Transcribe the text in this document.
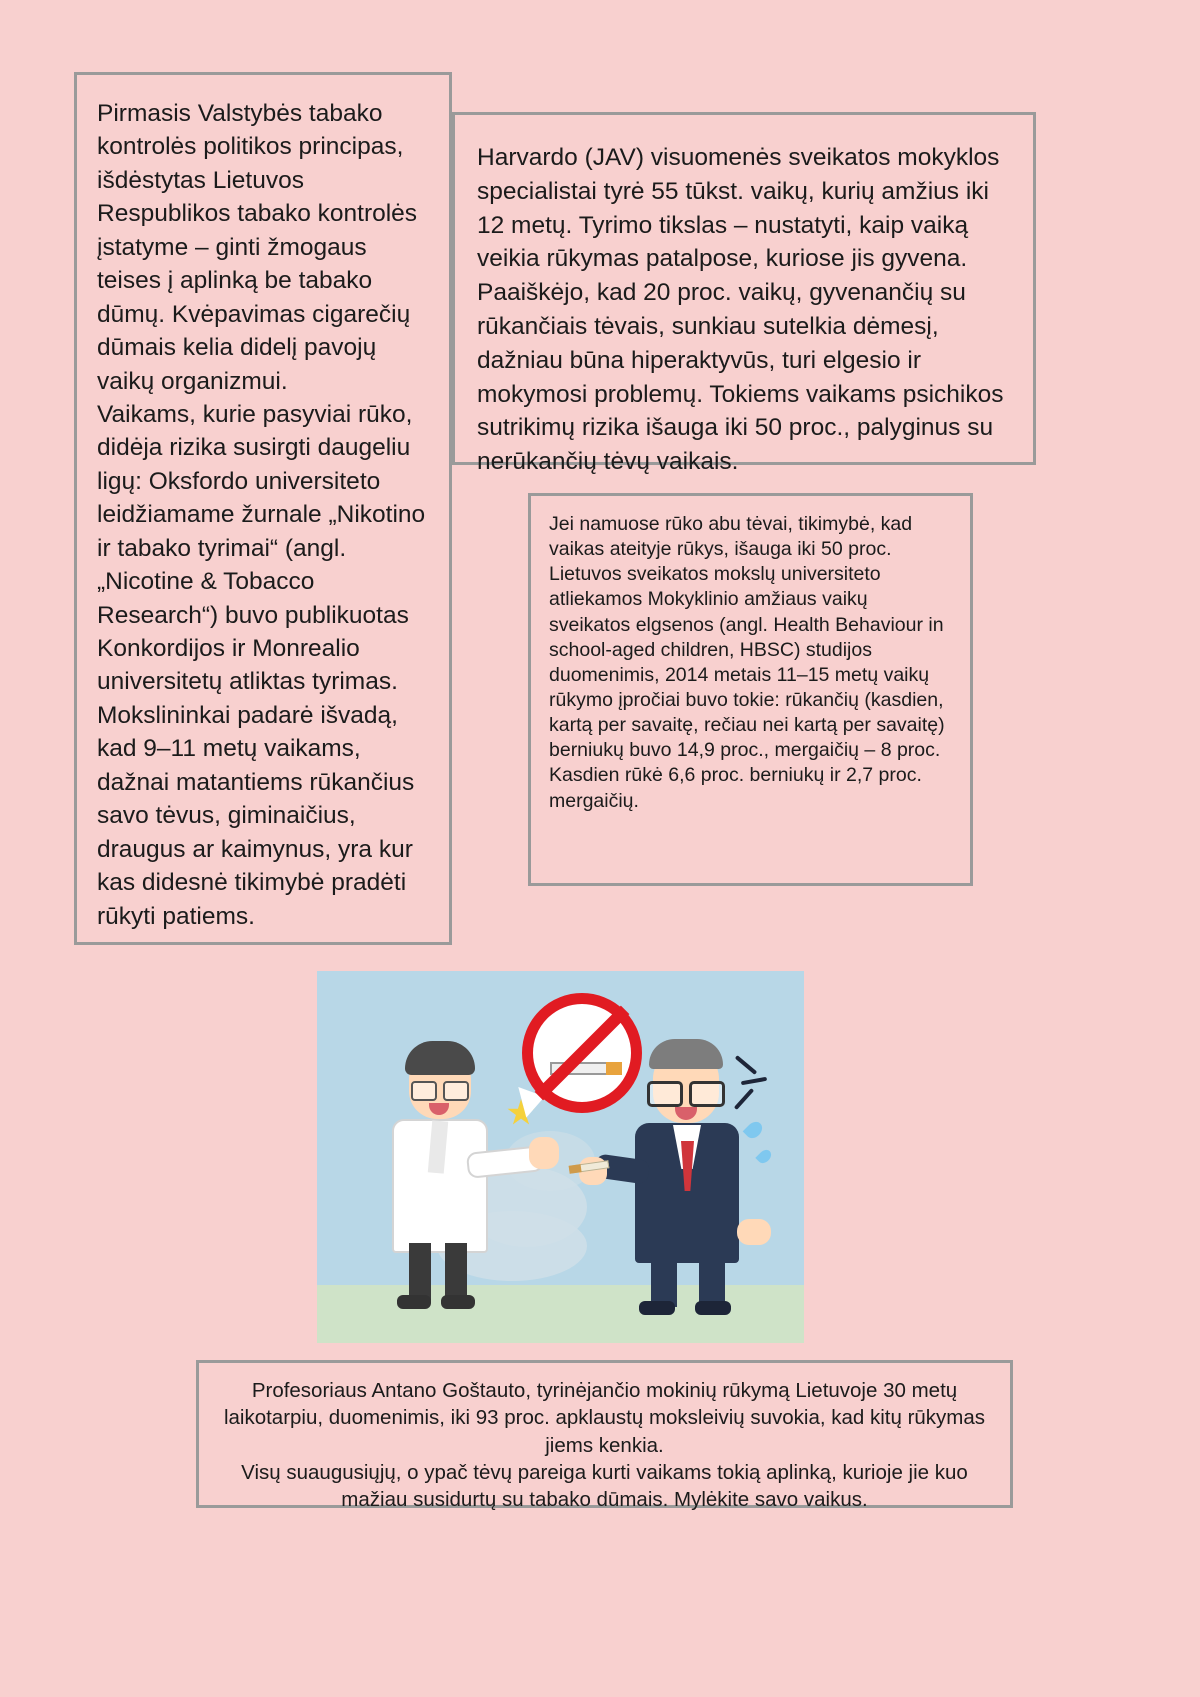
Pirmasis Valstybės tabako kontrolės politikos principas, išdėstytas Lietuvos Respublikos tabako kontrolės įstatyme – ginti žmogaus teises į aplinką be tabako dūmų. Kvėpavimas cigarečių dūmais kelia didelį pavojų vaikų organizmui.

Vaikams, kurie pasyviai rūko, didėja rizika susirgti daugeliu ligų: Oksfordo universiteto leidžiamame žurnale „Nikotino ir tabako tyrimai“ (angl. „Nicotine & Tobacco Research“) buvo publikuotas Konkordijos ir Monrealio universitetų atliktas tyrimas.

Mokslininkai padarė išvadą, kad 9–11 metų vaikams, dažnai matantiems rūkančius savo tėvus, giminaičius, draugus ar kaimynus, yra kur kas didesnė tikimybė pradėti rūkyti patiems.

Harvardo (JAV) visuomenės sveikatos mokyklos specialistai tyrė 55 tūkst. vaikų, kurių amžius iki 12 metų. Tyrimo tikslas – nustatyti, kaip vaiką veikia rūkymas patalpose, kuriose jis gyvena. Paaiškėjo, kad 20 proc. vaikų, gyvenančių su rūkančiais tėvais, sunkiau sutelkia dėmesį, dažniau būna hiperaktyvūs, turi elgesio ir mokymosi problemų. Tokiems vaikams psichikos sutrikimų rizika išauga iki 50 proc., palyginus su nerūkančių tėvų vaikais.

Jei namuose rūko abu tėvai, tikimybė, kad vaikas ateityje rūkys, išauga iki 50 proc.

Lietuvos sveikatos mokslų universiteto atliekamos Mokyklinio amžiaus vaikų sveikatos elgsenos (angl. Health Behaviour in school-aged children, HBSC) studijos duomenimis, 2014 metais 11–15 metų vaikų rūkymo įpročiai buvo tokie: rūkančių (kasdien, kartą per savaitę, rečiau nei kartą per savaitę) berniukų buvo 14,9 proc., mergaičių – 8 proc. Kasdien rūkė 6,6 proc. berniukų ir 2,7 proc. mergaičių.

Profesoriaus Antano Goštauto, tyrinėjančio mokinių rūkymą Lietuvoje 30 metų laikotarpiu, duomenimis, iki 93 proc. apklaustų moksleivių suvokia, kad kitų rūkymas jiems kenkia.

Visų suaugusiųjų, o ypač tėvų pareiga kurti vaikams tokią aplinką, kurioje jie kuo mažiau susidurtų su tabako dūmais. Mylėkite savo vaikus.
